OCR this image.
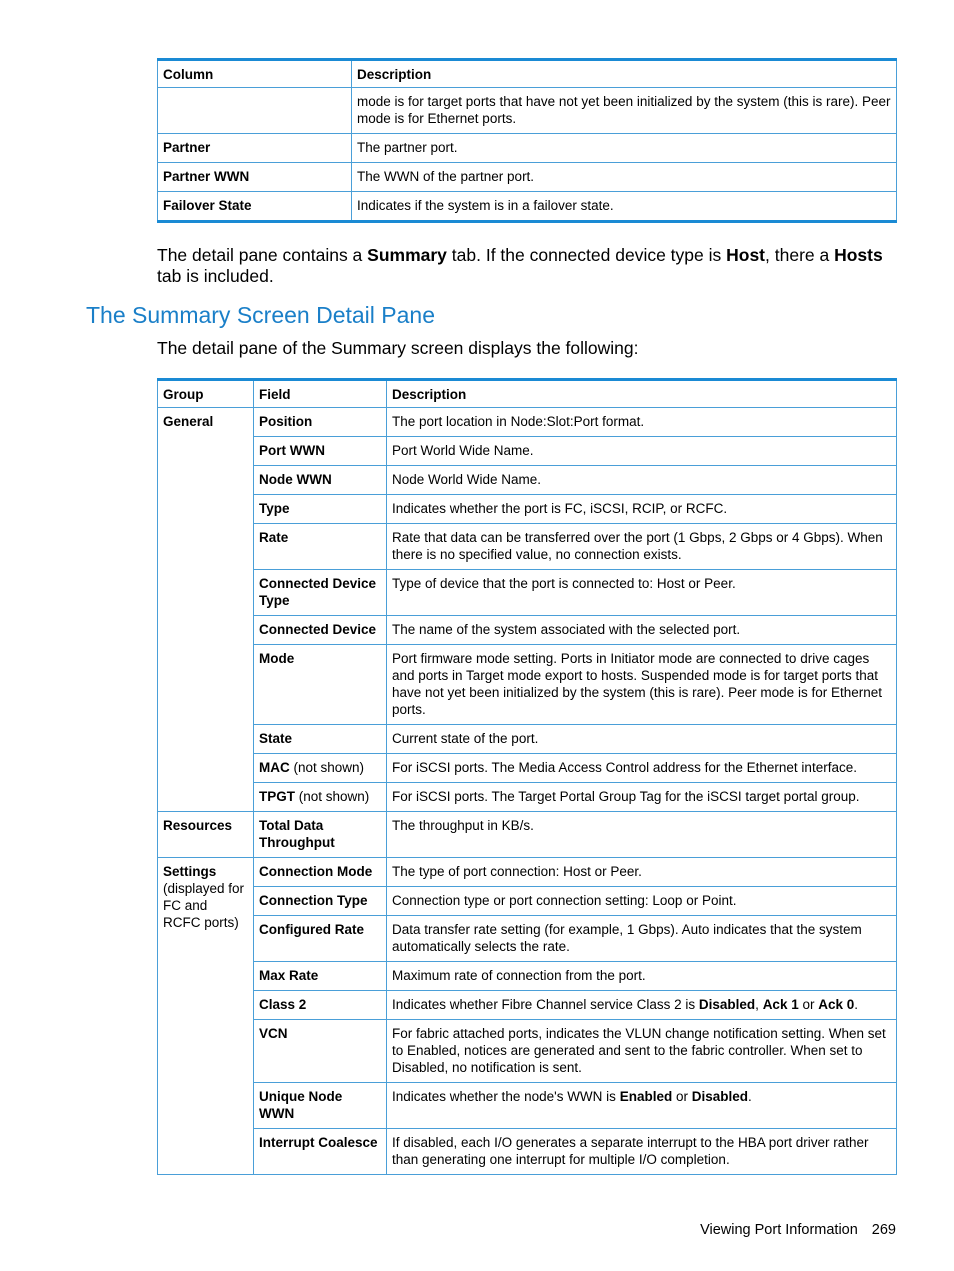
Column	Description
	mode is for target ports that have not yet been initialized by the system (this is rare). Peer mode is for Ethernet ports.
Partner	The partner port.
Partner WWN	The WWN of the partner port.
Failover State	Indicates if the system is in a failover state.
The detail pane contains a Summary tab. If the connected device type is Host, there a Hosts tab is included.
The Summary Screen Detail Pane
The detail pane of the Summary screen displays the following:
Group	Field	Description
General	Position	The port location in Node:Slot:Port format.
	Port WWN	Port World Wide Name.
	Node WWN	Node World Wide Name.
	Type	Indicates whether the port is FC, iSCSI, RCIP, or RCFC.
	Rate	Rate that data can be transferred over the port (1 Gbps, 2 Gbps or 4 Gbps). When there is no specified value, no connection exists.
	Connected Device Type	Type of device that the port is connected to: Host or Peer.
	Connected Device	The name of the system associated with the selected port.
	Mode	Port firmware mode setting. Ports in Initiator mode are connected to drive cages and ports in Target mode export to hosts. Suspended mode is for target ports that have not yet been initialized by the system (this is rare). Peer mode is for Ethernet ports.
	State	Current state of the port.
	MAC (not shown)	For iSCSI ports. The Media Access Control address for the Ethernet interface.
	TPGT (not shown)	For iSCSI ports. The Target Portal Group Tag for the iSCSI target portal group.
Resources	Total Data Throughput	The throughput in KB/s.
Settings (displayed for FC and RCFC ports)	Connection Mode	The type of port connection: Host or Peer.
	Connection Type	Connection type or port connection setting: Loop or Point.
	Configured Rate	Data transfer rate setting (for example, 1 Gbps). Auto indicates that the system automatically selects the rate.
	Max Rate	Maximum rate of connection from the port.
	Class 2	Indicates whether Fibre Channel service Class 2 is Disabled, Ack 1 or Ack 0.
	VCN	For fabric attached ports, indicates the VLUN change notification setting. When set to Enabled, notices are generated and sent to the fabric controller. When set to Disabled, no notification is sent.
	Unique Node WWN	Indicates whether the node's WWN is Enabled or Disabled.
	Interrupt Coalesce	If disabled, each I/O generates a separate interrupt to the HBA port driver rather than generating one interrupt for multiple I/O completion.
Viewing Port Information 269
